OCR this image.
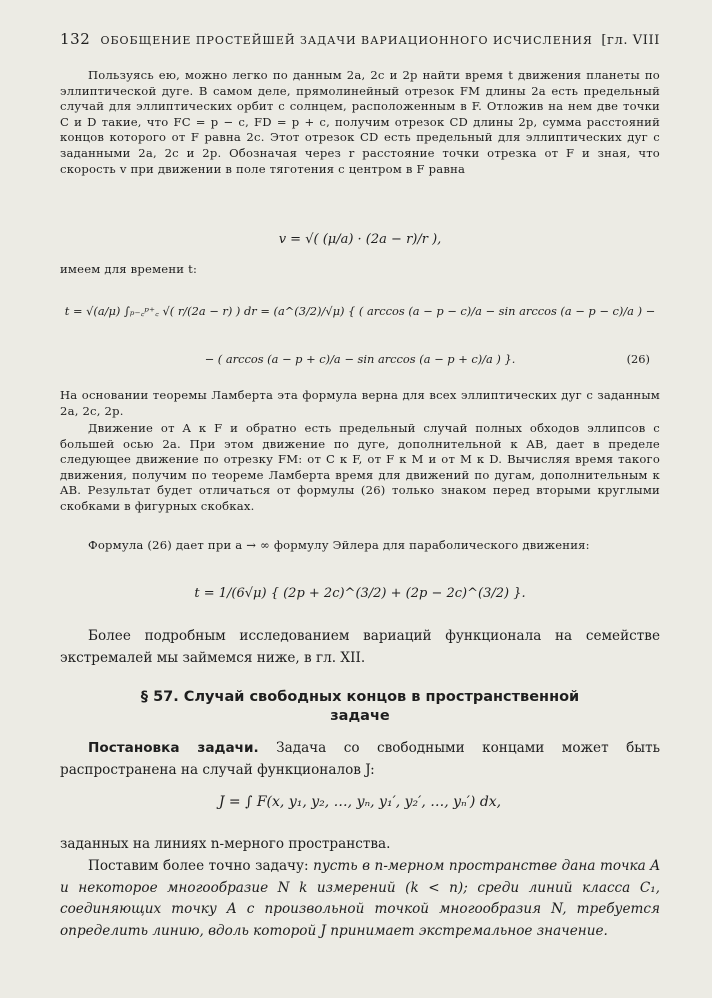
132 ОБОБЩЕНИЕ ПРОСТЕЙШЕЙ ЗАДАЧИ ВАРИАЦИОННОГО ИСЧИСЛЕНИЯ [гл. VIII

Пользуясь ею, можно легко по данным 2a, 2c и 2p найти время t движения планеты по эллиптической дуге. В самом деле, прямолинейный отрезок FM длины 2a есть предельный случай для эллиптических орбит с солнцем, расположенным в F. Отложив на нем две точки C и D такие, что FC = p − c, FD = p + c, получим отрезок CD длины 2p, сумма расстояний концов которого от F равна 2c. Этот отрезок CD есть предельный для эллиптических дуг с заданными 2a, 2c и 2p. Обозначая через r расстояние точки отрезка от F и зная, что скорость v при движении в поле тяготения с центром в F равна

v = √( (μ/a) · (2a − r)/r ),

имеем для времени t:

t = √(a/μ) ∫ₚ₋꜀ᵖ⁺꜀ √( r/(2a − r) ) dr = (a^(3/2)/√μ) { ( arccos (a − p − c)/a − sin arccos (a − p − c)/a ) −
− ( arccos (a − p + c)/a − sin arccos (a − p + c)/a ) }.	(26)

На основании теоремы Ламберта эта формула верна для всех эллиптических дуг с заданным 2a, 2c, 2p.

Движение от A к F и обратно есть предельный случай полных обходов эллипсов с большей осью 2a. При этом движение по дуге, дополнительной к AB, дает в пределе следующее движение по отрезку FM: от C к F, от F к M и от M к D. Вычисляя время такого движения, получим по теореме Ламберта время для движений по дугам, дополнительным к AB. Результат будет отличаться от формулы (26) только знаком перед вторыми круглыми скобками в фигурных скобках.

Формула (26) дает при a → ∞ формулу Эйлера для параболического движения:

t = 1/(6√μ) { (2p + 2c)^(3/2) + (2p − 2c)^(3/2) }.

Более подробным исследованием вариаций функционала на семействе экстремалей мы займемся ниже, в гл. XII.

§ 57. Случай свободных концов в пространственной
задаче

Постановка задачи. Задача со свободными концами может быть распространена на случай функционалов J:

J = ∫ F(x, y₁, y₂, …, yₙ, y₁′, y₂′, …, yₙ′) dx,

заданных на линиях n-мерного пространства.

Поставим более точно задачу: пусть в n-мерном пространстве дана точка A и некоторое многообразие N k измерений (k < n); среди линий класса C₁, соединяющих точку A с произвольной точкой многообразия N, требуется определить линию, вдоль которой J принимает экстремальное значение.
